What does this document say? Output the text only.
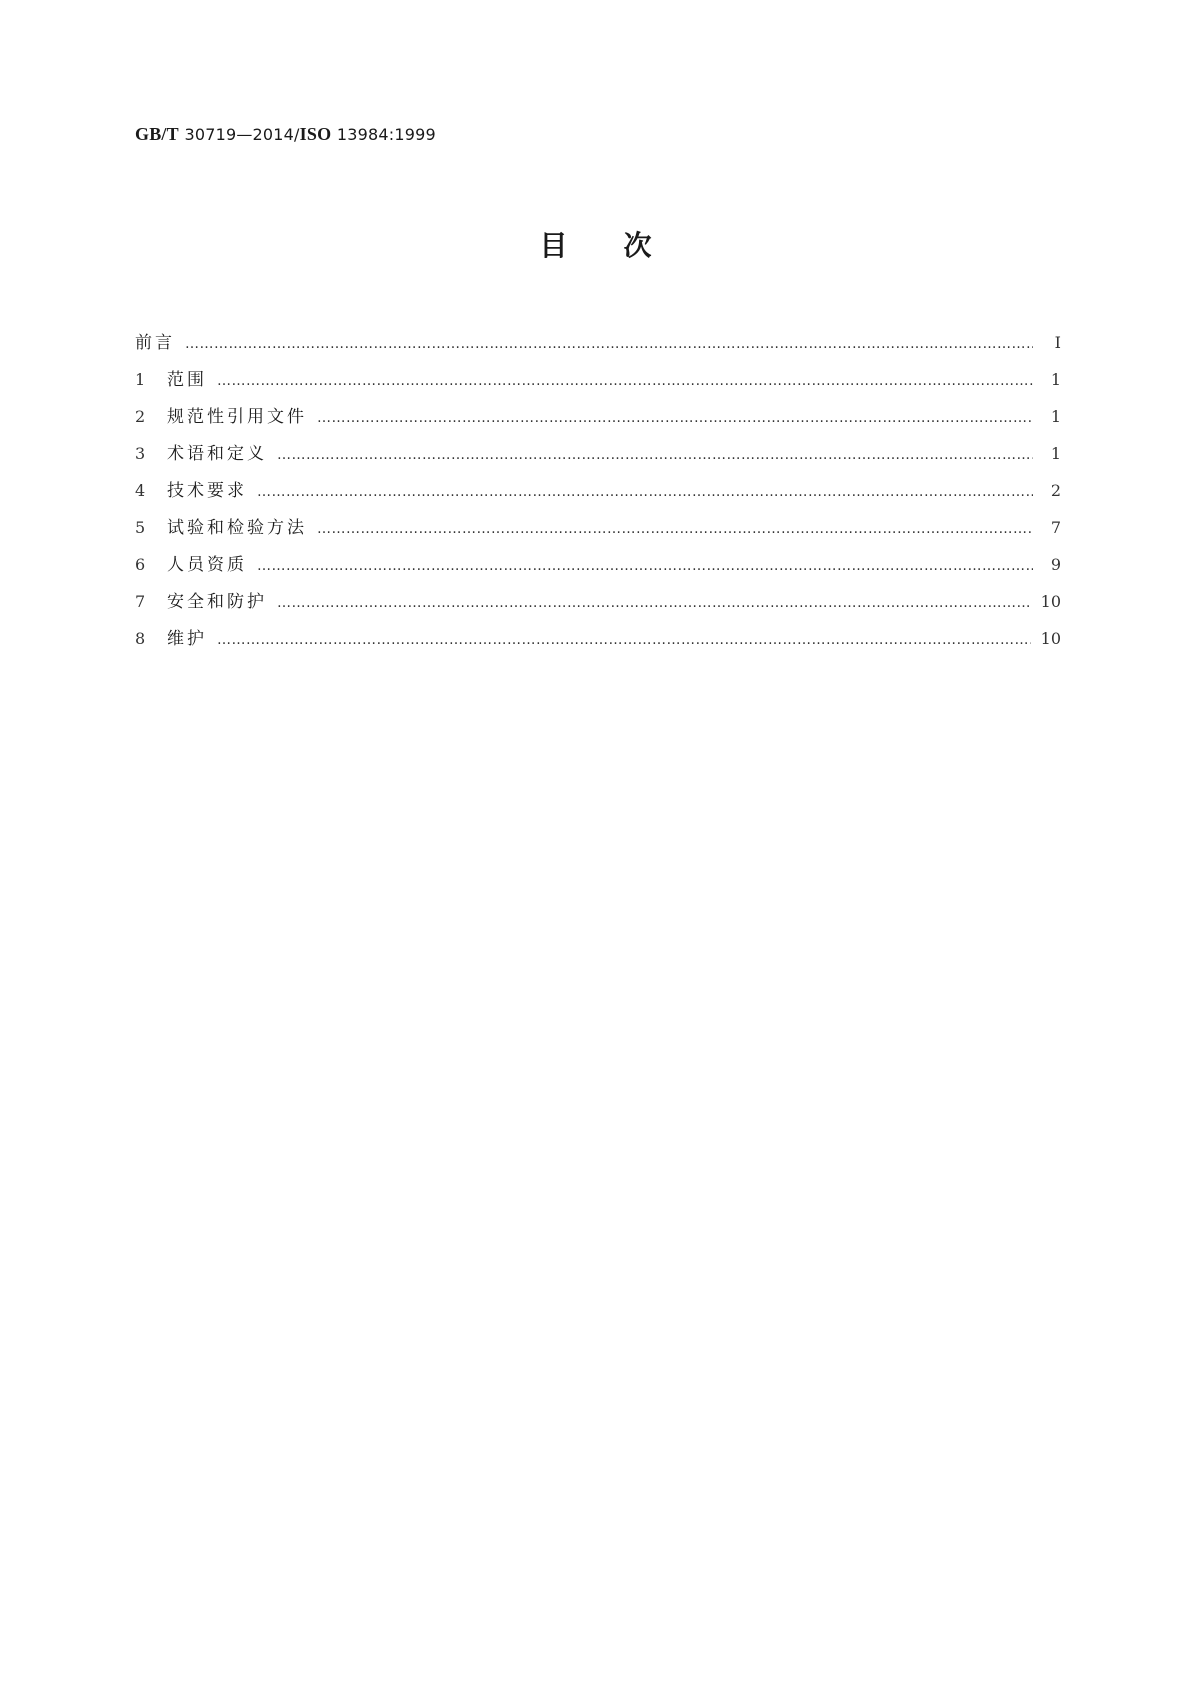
GB/T 30719—2014/ISO 13984:1999
目次
前言 ……………………………………………………………………………………………………………………………………………………………………………………………………………………………………	Ⅰ
1	范围 ……………………………………………………………………………………………………………………………………………………………………………………………………………………………………	1
2	规范性引用文件 ……………………………………………………………………………………………………………………………………………………………………………………………………………………………………	1
3	术语和定义 ……………………………………………………………………………………………………………………………………………………………………………………………………………………………………	1
4	技术要求 ……………………………………………………………………………………………………………………………………………………………………………………………………………………………………	2
5	试验和检验方法 ……………………………………………………………………………………………………………………………………………………………………………………………………………………………………	7
6	人员资质 ……………………………………………………………………………………………………………………………………………………………………………………………………………………………………	9
7	安全和防护 ……………………………………………………………………………………………………………………………………………………………………………………………………………………………………	10
8	维护 ……………………………………………………………………………………………………………………………………………………………………………………………………………………………………	10
